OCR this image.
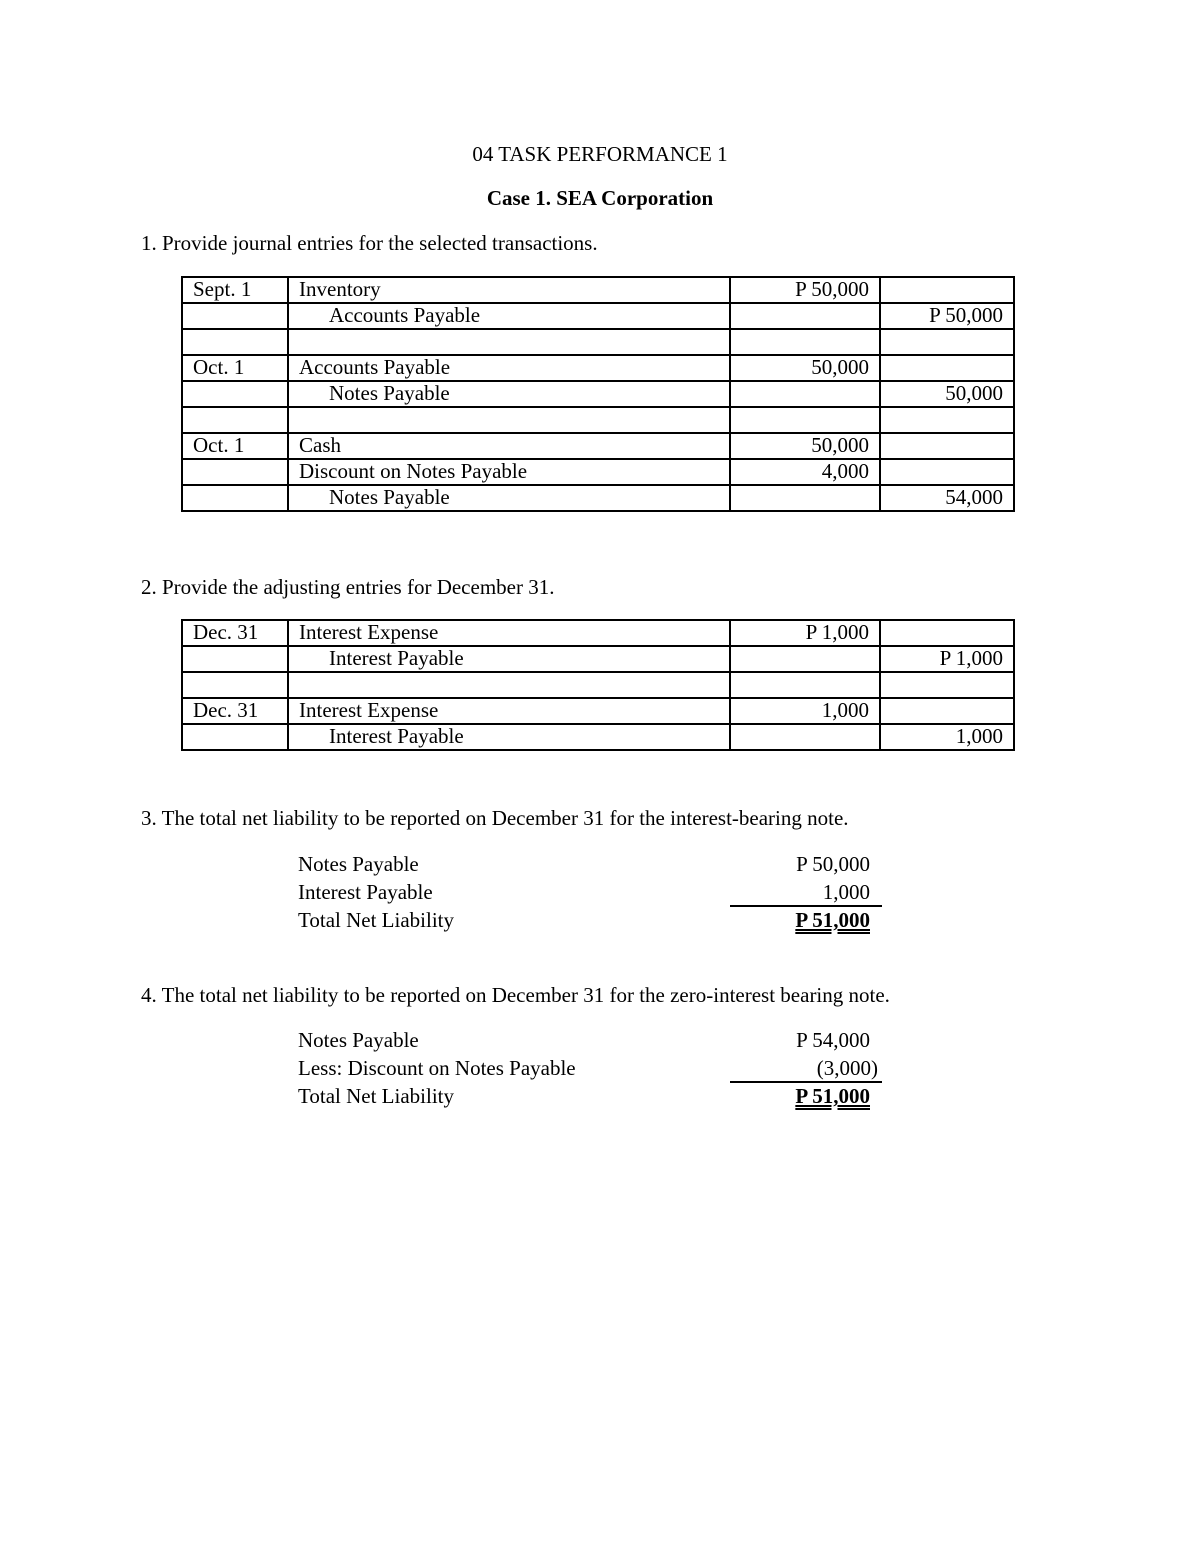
04 TASK PERFORMANCE 1
Case 1. SEA Corporation
1. Provide journal entries for the selected transactions.
Sept. 1	Inventory	P 50,000	
	Accounts Payable		P 50,000

Oct. 1	Accounts Payable	50,000	
	Notes Payable		50,000

Oct. 1	Cash	50,000	
	Discount on Notes Payable	4,000	
	Notes Payable		54,000
2. Provide the adjusting entries for December 31.
Dec. 31	Interest Expense	P 1,000	
	Interest Payable		P 1,000

Dec. 31	Interest Expense	1,000	
	Interest Payable		1,000
3. The total net liability to be reported on December 31 for the interest-bearing note.
Notes Payable	P 50,000
Interest Payable	1,000
Total Net Liability	P 51,000
4. The total net liability to be reported on December 31 for the zero-interest bearing note.
Notes Payable	P 54,000
Less: Discount on Notes Payable	(3,000)
Total Net Liability	P 51,000
